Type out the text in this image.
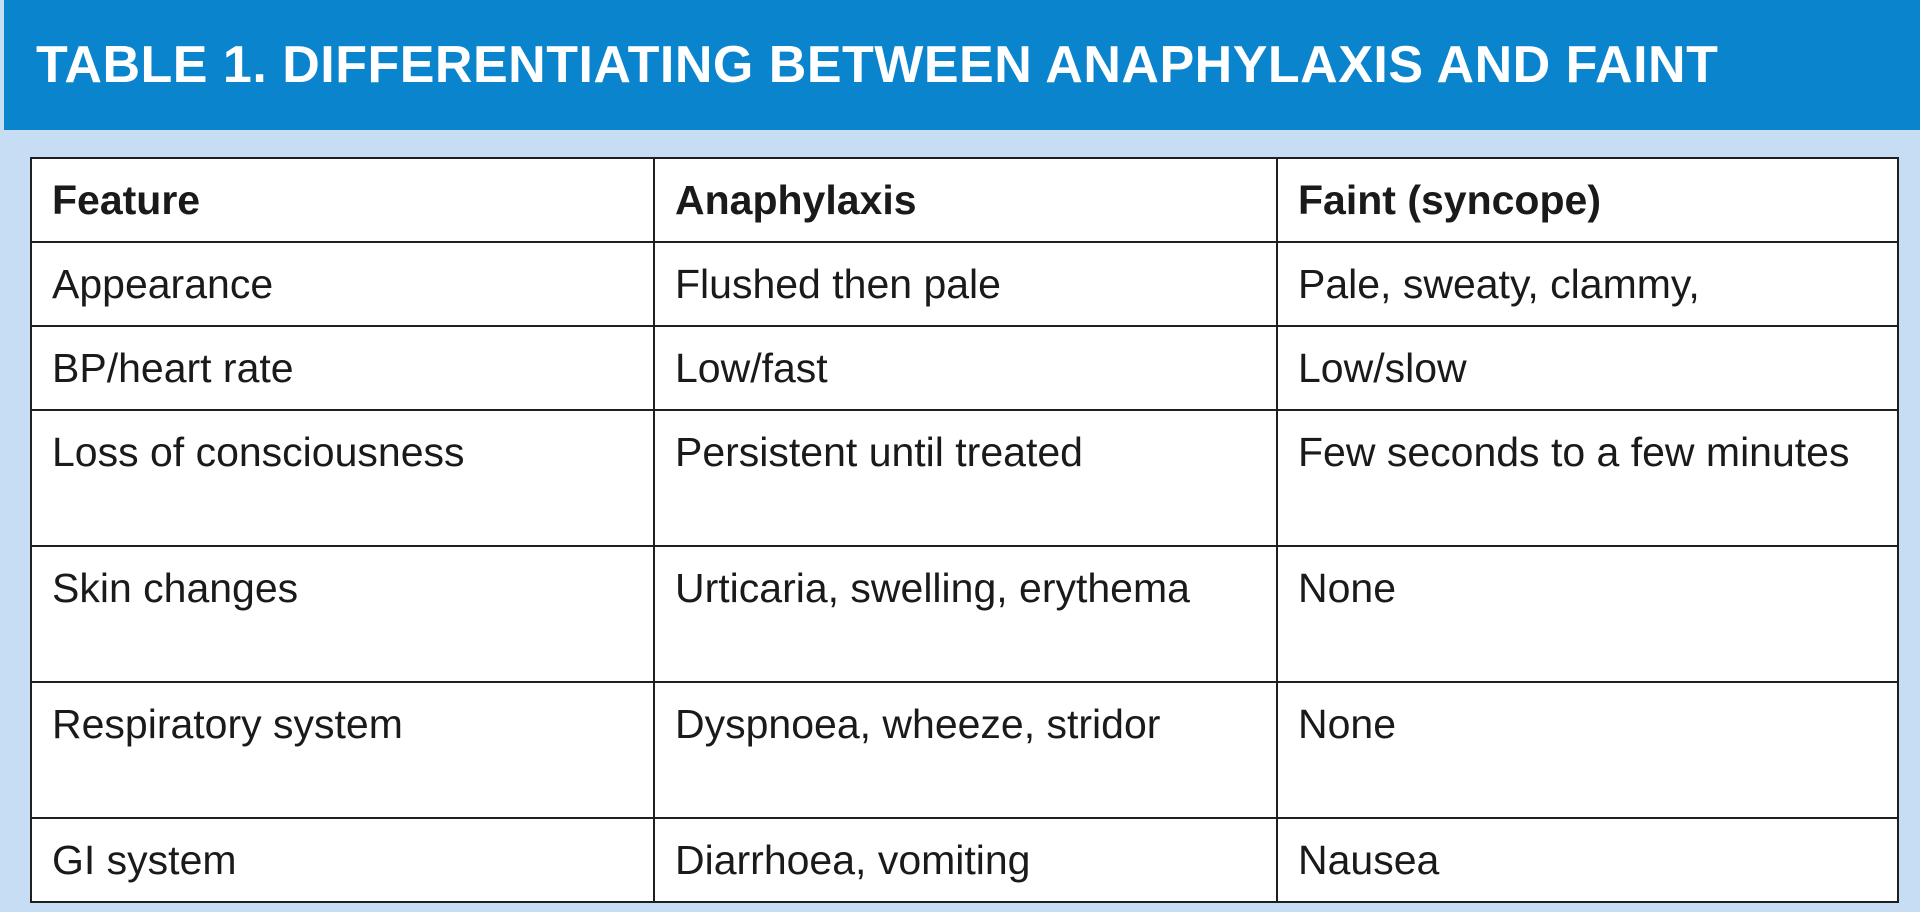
TABLE 1. DIFFERENTIATING BETWEEN ANAPHYLAXIS AND FAINT
Feature	Anaphylaxis	Faint (syncope)
Appearance	Flushed then pale	Pale, sweaty, clammy,
BP/heart rate	Low/fast	Low/slow
Loss of consciousness	Persistent until treated	Few seconds to a few minutes
Skin changes	Urticaria, swelling, erythema	None
Respiratory system	Dyspnoea, wheeze, stridor	None
GI system	Diarrhoea, vomiting	Nausea
